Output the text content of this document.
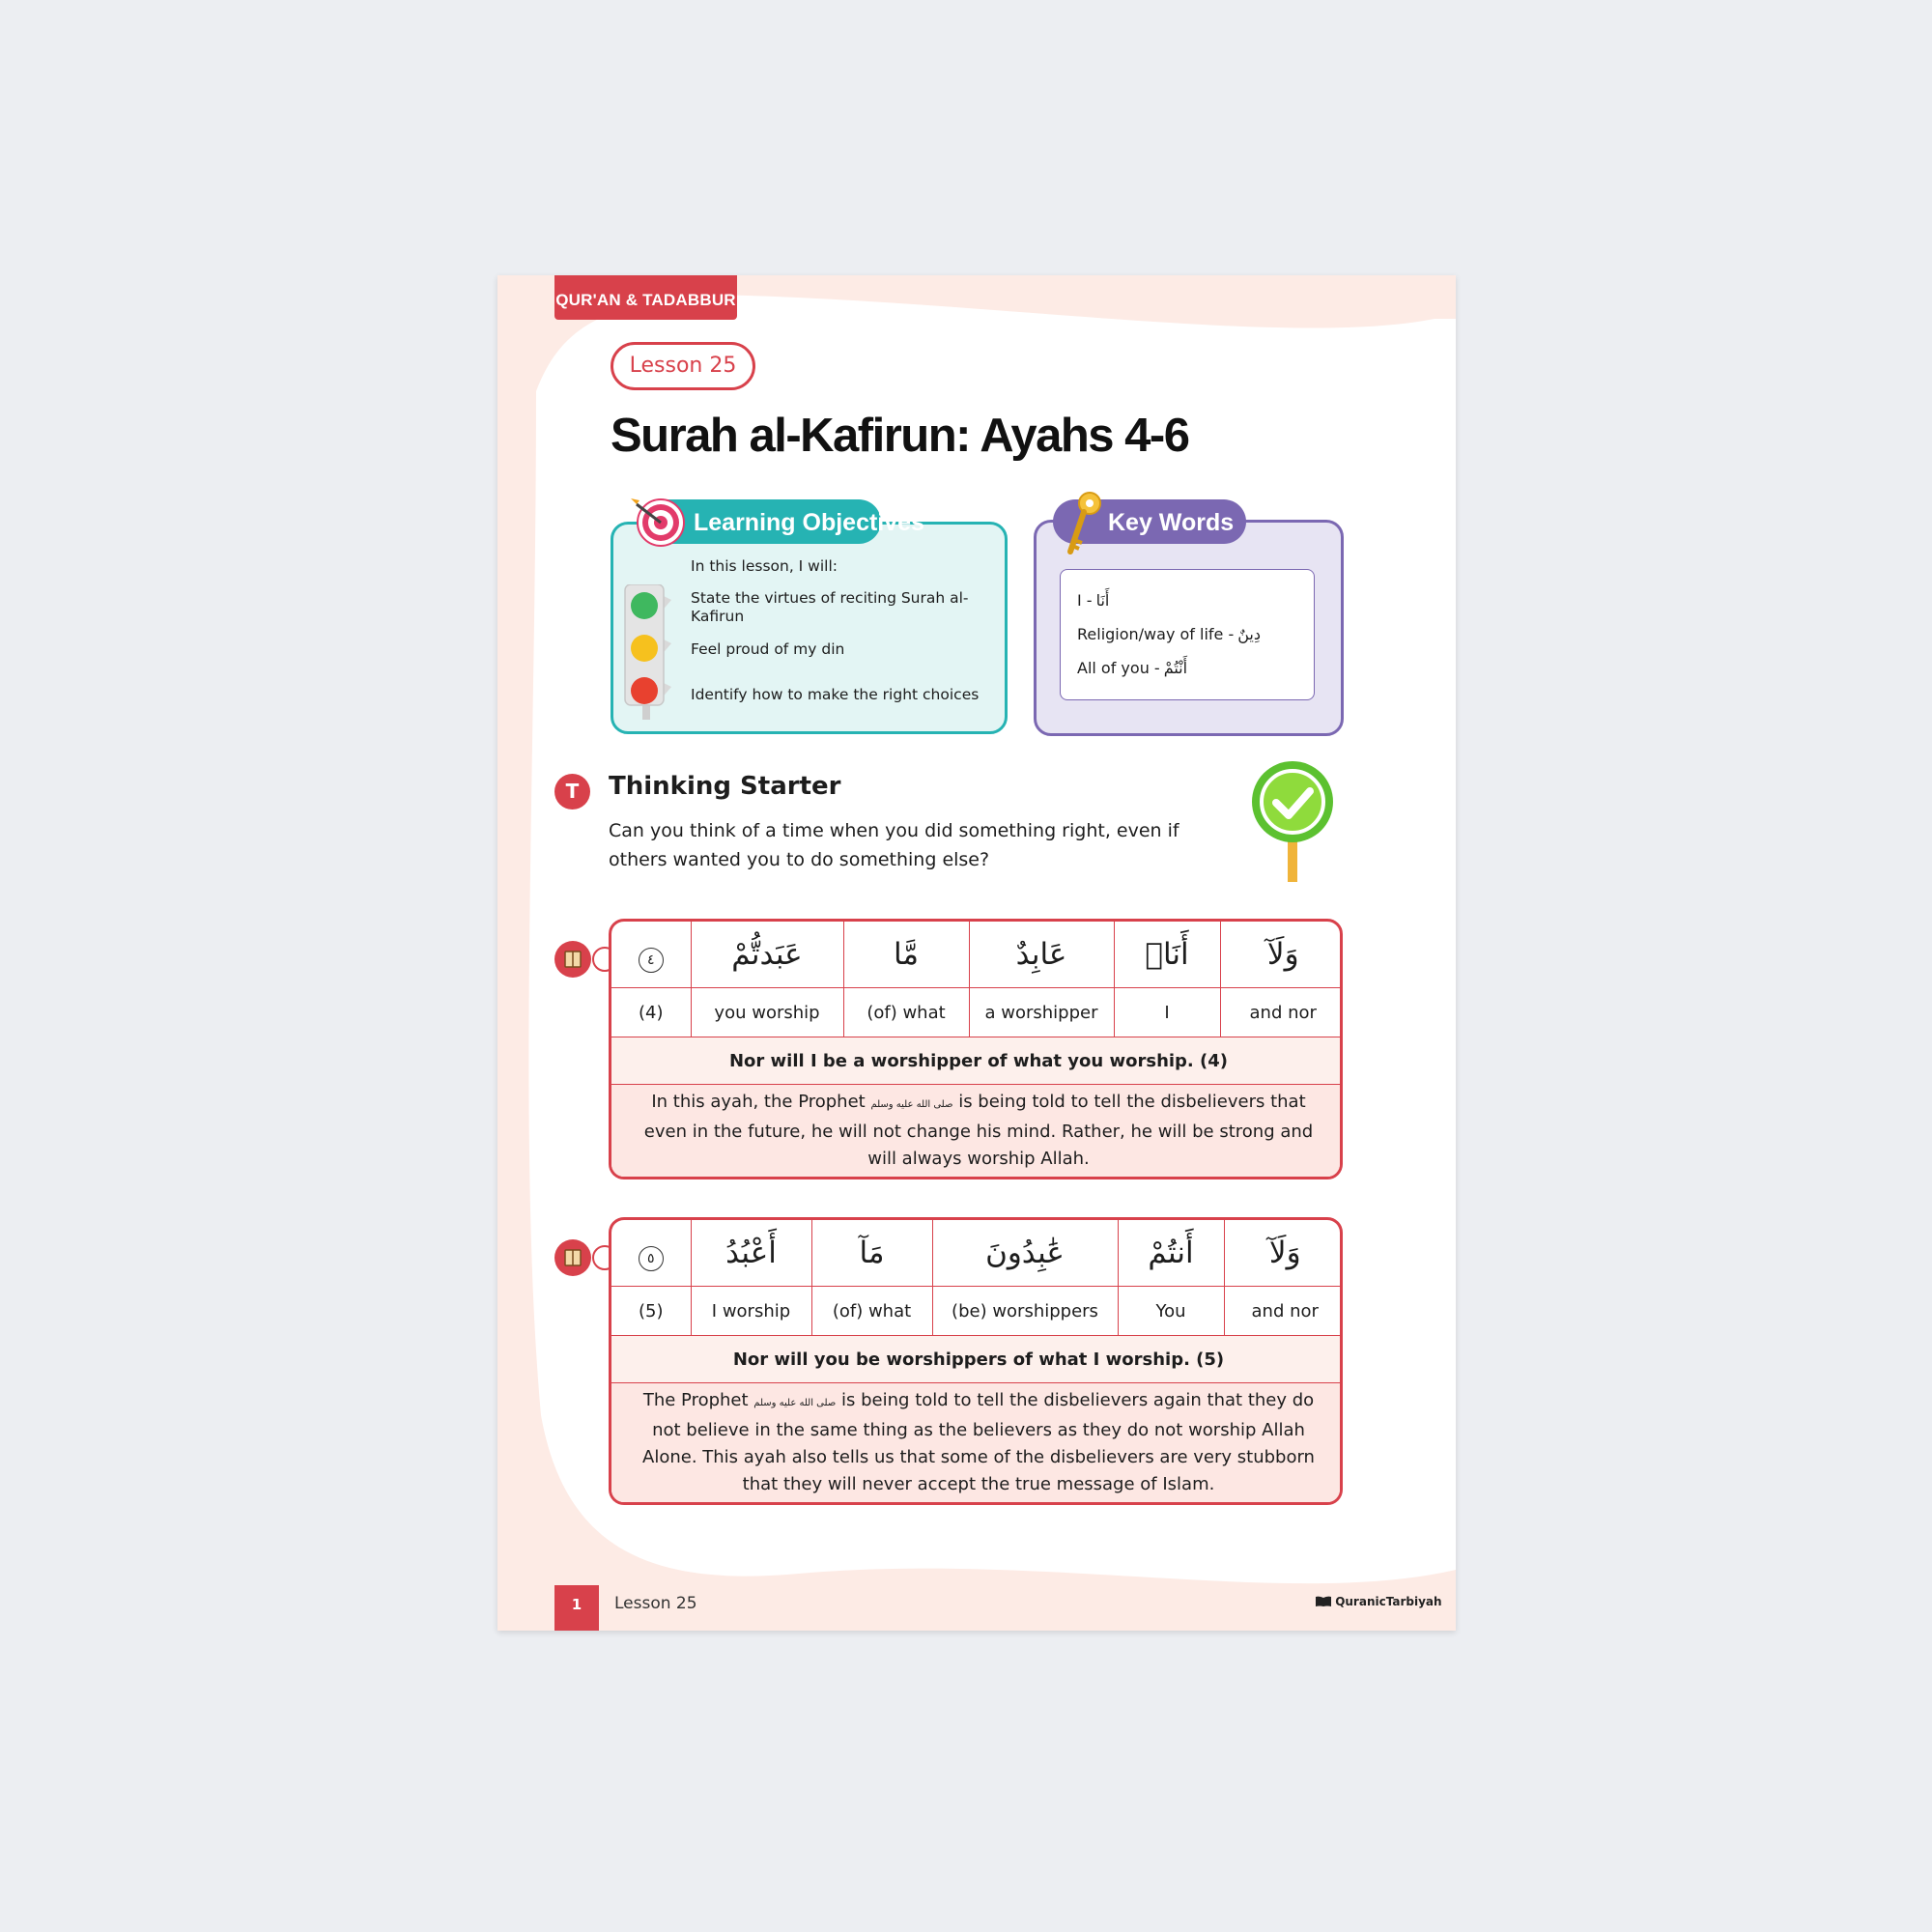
QUR'AN & TADABBUR
Lesson 25
Surah al-Kafirun: Ayahs 4-6
Learning Objectives
In this lesson, I will:
State the virtues of reciting Surah al-Kafirun
Feel proud of my din
Identify how to make the right choices
Key Words
I - أَنَا
Religion/way of life - دِينٌ
All of you - أَنْتُمْ
T	Thinking Starter
Can you think of a time when you did something right, even if others wanted you to do something else?
٤	عَبَدتُّمْ	مَّا	عَابِدٌ	أَنَا۠	وَلَآ
(4)	you worship	(of) what	a worshipper	I	and nor
Nor will I be a worshipper of what you worship. (4)					
In this ayah, the Prophet صلى الله عليه وسلم is being told to tell the disbelievers that even in the future, he will not change his mind. Rather, he will be strong and will always worship Allah.					
٥	أَعْبُدُ	مَآ	عَٰبِدُونَ	أَنتُمْ	وَلَآ
(5)	I worship	(of) what	(be) worshippers	You	and nor
Nor will you be worshippers of what I worship. (5)					
The Prophet صلى الله عليه وسلم is being told to tell the disbelievers again that they do not believe in the same thing as the believers as they do not worship Allah Alone. This ayah also tells us that some of the disbelievers are very stubborn that they will never accept the true message of Islam.					
1	Lesson 25	QuranicTarbiyah
